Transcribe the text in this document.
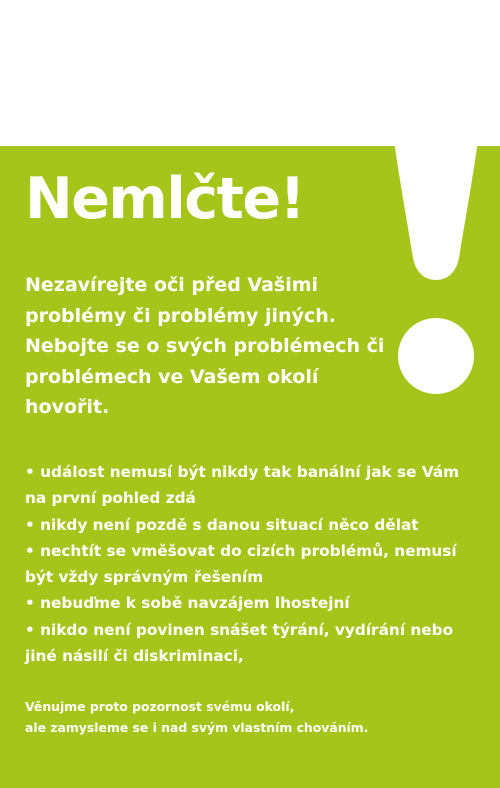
Nemlčte!

Nezavírejte oči před Vašimi problémy či problémy jiných. Nebojte se o svých problémech či problémech ve Vašem okolí hovořit.

• událost nemusí být nikdy tak banální jak se Vám na první pohled zdá
• nikdy není pozdě s danou situací něco dělat
• nechtít se vměšovat do cizích problémů, nemusí být vždy správným řešením
• nebuďme k sobě navzájem lhostejní
• nikdo není povinen snášet týrání, vydírání nebo jiné násilí či diskriminaci,

Věnujme proto pozornost svému okolí,
ale zamysleme se i nad svým vlastním chováním.
